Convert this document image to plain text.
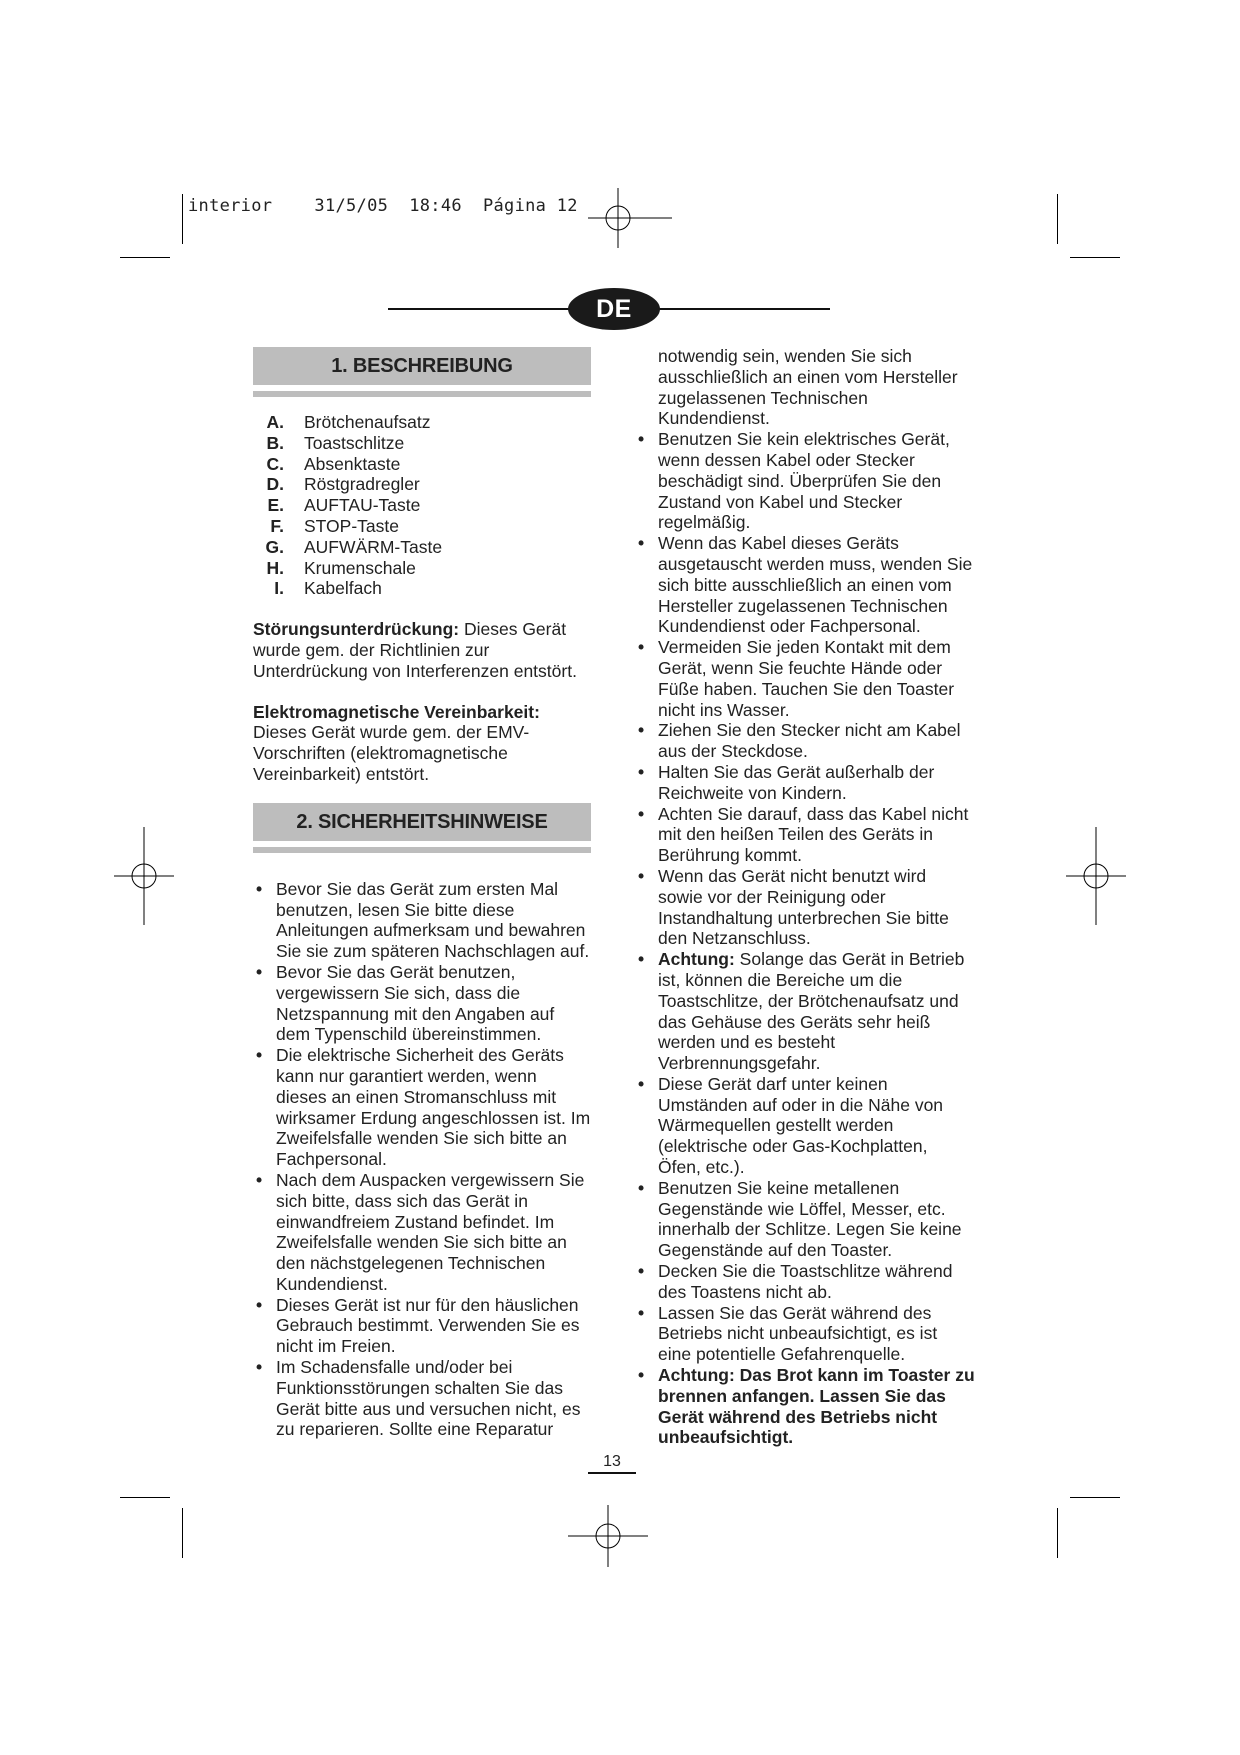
interior    31/5/05  18:46  Página 12
DE
1. BESCHREIBUNG
A. Brötchenaufsatz
B. Toastschlitze
C. Absenktaste
D. Röstgradregler
E. AUFTAU-Taste
F. STOP-Taste
G. AUFWÄRM-Taste
H. Krumenschale
I. Kabelfach
Störungsunterdrückung: Dieses Gerät wurde gem. der Richtlinien zur Unterdrückung von Interferenzen entstört.
Elektromagnetische Vereinbarkeit:
Dieses Gerät wurde gem. der EMV-Vorschriften (elektromagnetische Vereinbarkeit) entstört.
2. SICHERHEITSHINWEISE
• Bevor Sie das Gerät zum ersten Mal benutzen, lesen Sie bitte diese Anleitungen aufmerksam und bewahren Sie sie zum späteren Nachschlagen auf.
• Bevor Sie das Gerät benutzen, vergewissern Sie sich, dass die Netzspannung mit den Angaben auf dem Typenschild übereinstimmen.
• Die elektrische Sicherheit des Geräts kann nur garantiert werden, wenn dieses an einen Stromanschluss mit wirksamer Erdung angeschlossen ist. Im Zweifelsfalle wenden Sie sich bitte an Fachpersonal.
• Nach dem Auspacken vergewissern Sie sich bitte, dass sich das Gerät in einwandfreiem Zustand befindet. Im Zweifelsfalle wenden Sie sich bitte an den nächstgelegenen Technischen Kundendienst.
• Dieses Gerät ist nur für den häuslichen Gebrauch bestimmt. Verwenden Sie es nicht im Freien.
• Im Schadensfalle und/oder bei Funktionsstörungen schalten Sie das Gerät bitte aus und versuchen nicht, es zu reparieren. Sollte eine Reparatur
notwendig sein, wenden Sie sich ausschließlich an einen vom Hersteller zugelassenen Technischen Kundendienst.
• Benutzen Sie kein elektrisches Gerät, wenn dessen Kabel oder Stecker beschädigt sind. Überprüfen Sie den Zustand von Kabel und Stecker regelmäßig.
• Wenn das Kabel dieses Geräts ausgetauscht werden muss, wenden Sie sich bitte ausschließlich an einen vom Hersteller zugelassenen Technischen Kundendienst oder Fachpersonal.
• Vermeiden Sie jeden Kontakt mit dem Gerät, wenn Sie feuchte Hände oder Füße haben. Tauchen Sie den Toaster nicht ins Wasser.
• Ziehen Sie den Stecker nicht am Kabel aus der Steckdose.
• Halten Sie das Gerät außerhalb der Reichweite von Kindern.
• Achten Sie darauf, dass das Kabel nicht mit den heißen Teilen des Geräts in Berührung kommt.
• Wenn das Gerät nicht benutzt wird sowie vor der Reinigung oder Instandhaltung unterbrechen Sie bitte den Netzanschluss.
• Achtung: Solange das Gerät in Betrieb ist, können die Bereiche um die Toastschlitze, der Brötchenaufsatz und das Gehäuse des Geräts sehr heiß werden und es besteht Verbrennungsgefahr.
• Diese Gerät darf unter keinen Umständen auf oder in die Nähe von Wärmequellen gestellt werden (elektrische oder Gas-Kochplatten, Öfen, etc.).
• Benutzen Sie keine metallenen Gegenstände wie Löffel, Messer, etc. innerhalb der Schlitze. Legen Sie keine Gegenstände auf den Toaster.
• Decken Sie die Toastschlitze während des Toastens nicht ab.
• Lassen Sie das Gerät während des Betriebs nicht unbeaufsichtigt, es ist eine potentielle Gefahrenquelle.
• Achtung: Das Brot kann im Toaster zu brennen anfangen. Lassen Sie das Gerät während des Betriebs nicht unbeaufsichtigt.
13
